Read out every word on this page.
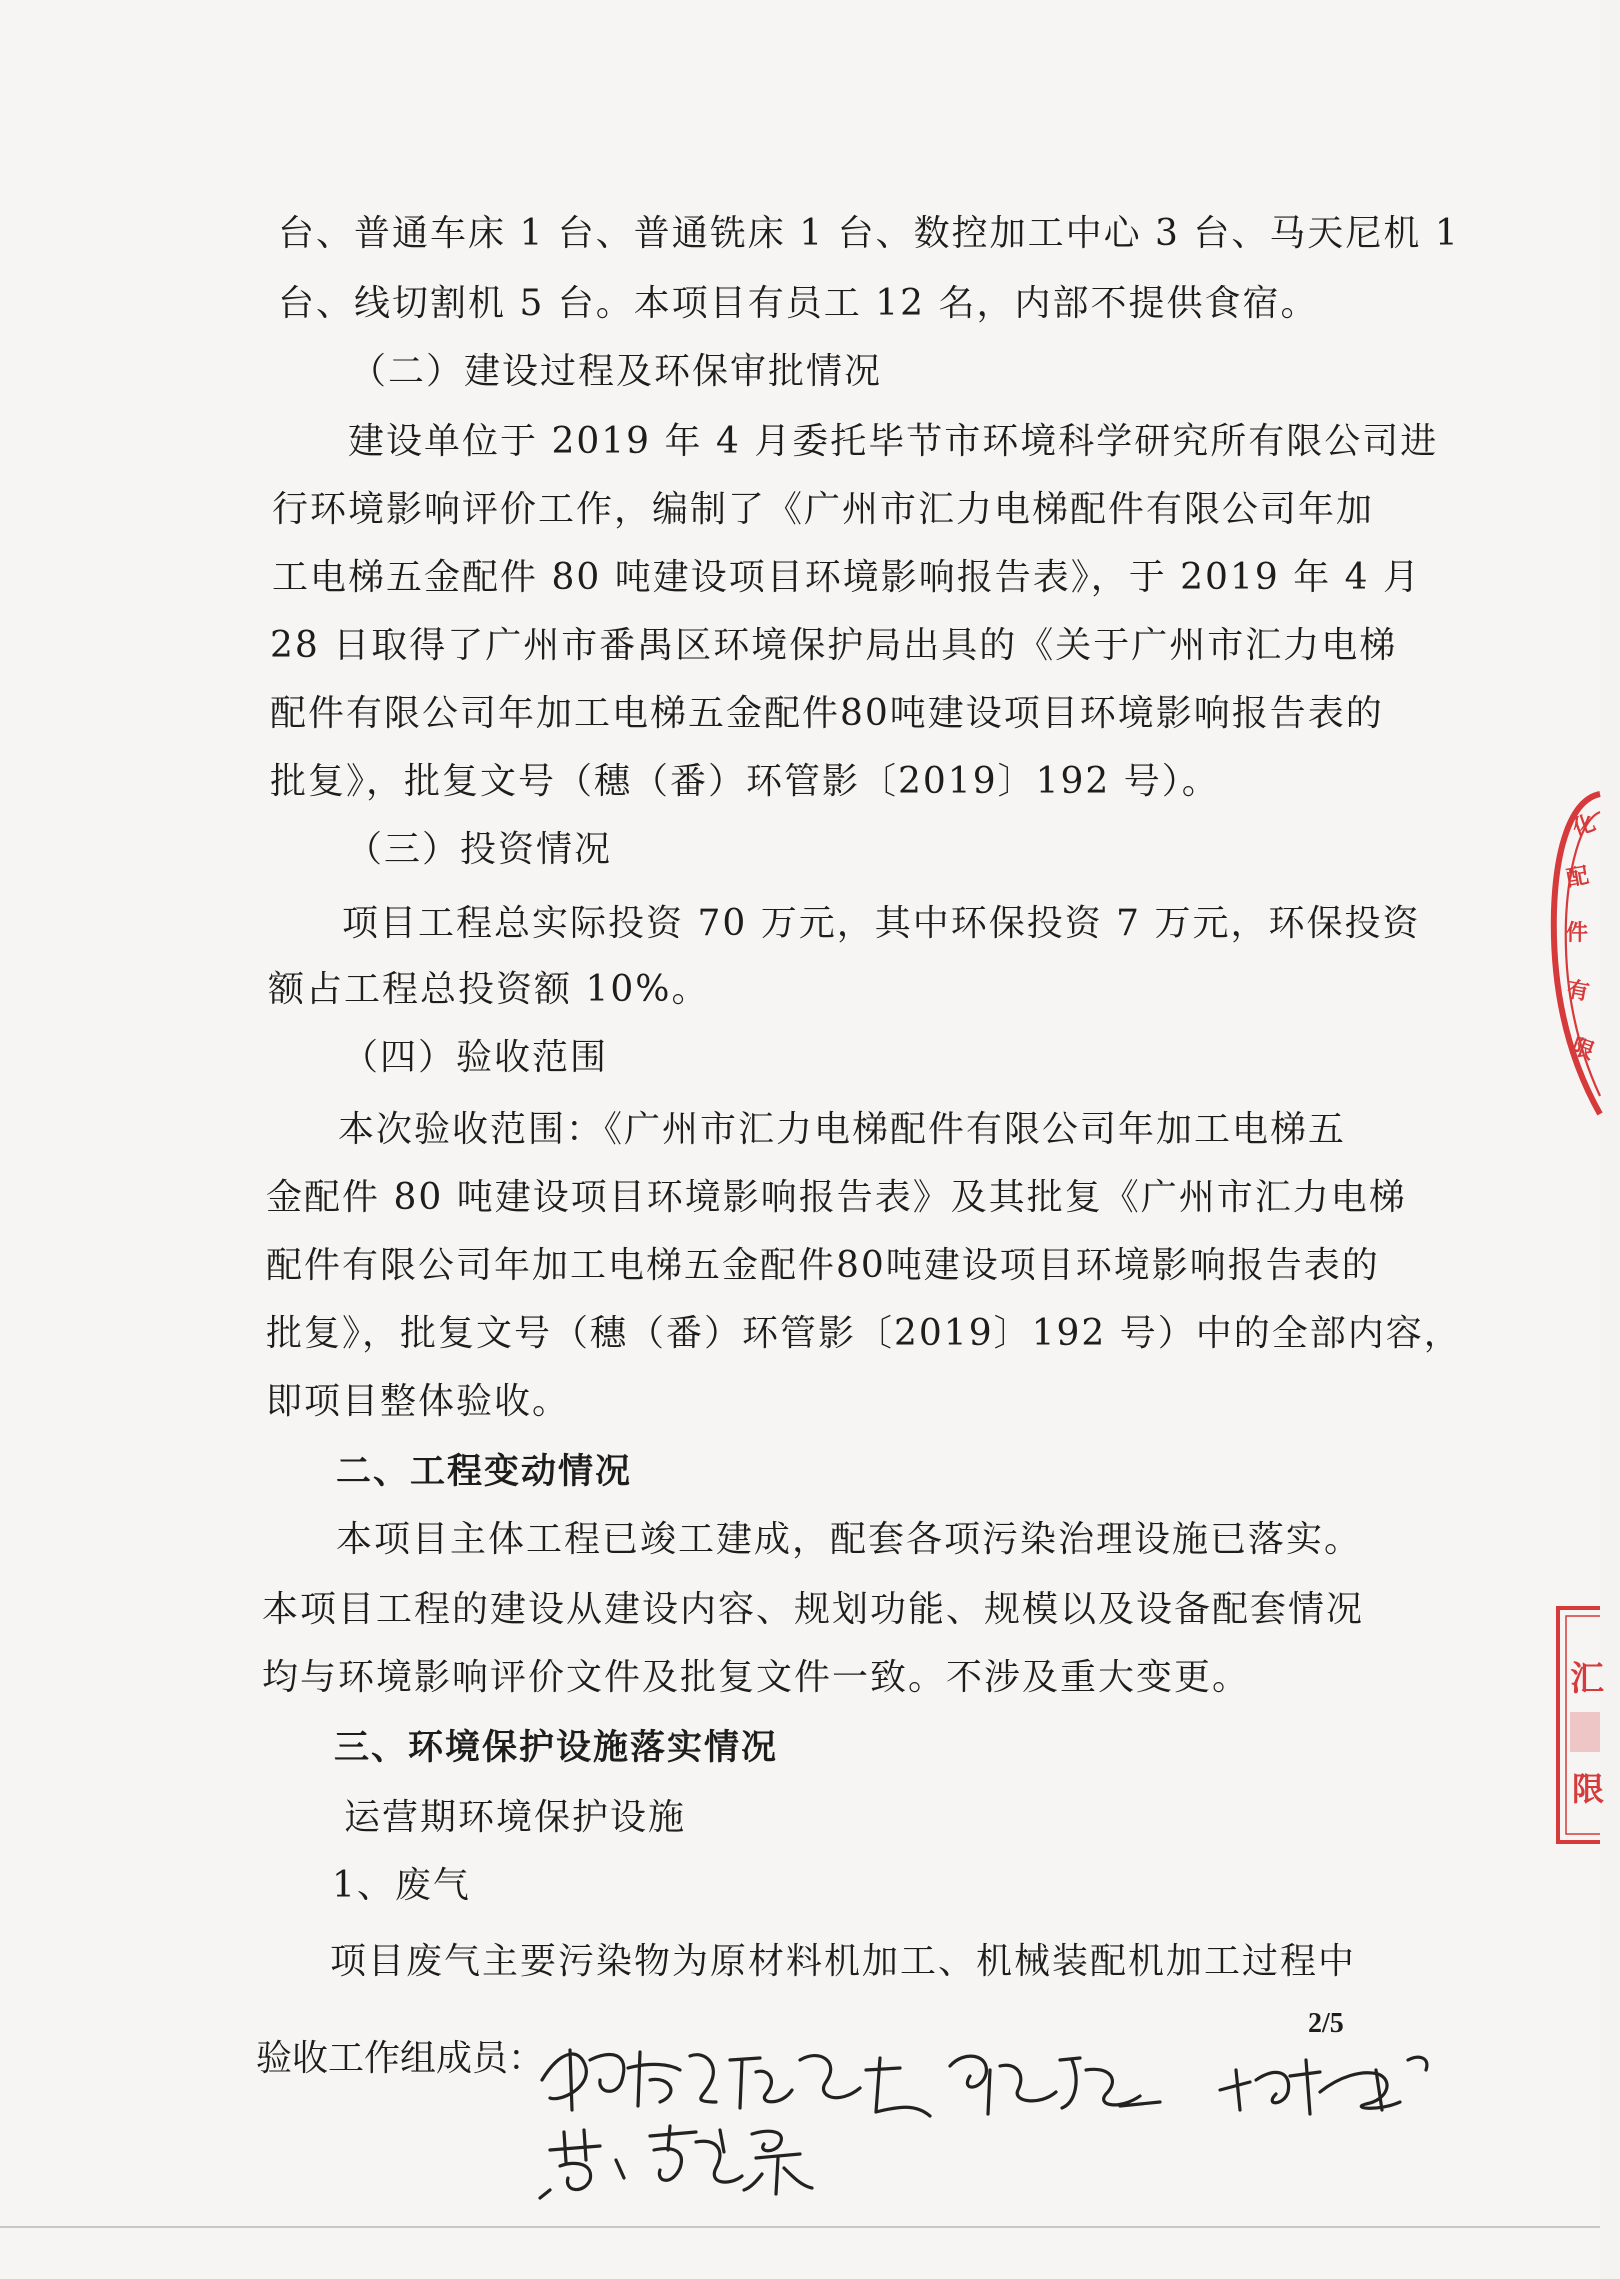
台、普通车床 1 台、普通铣床 1 台、数控加工中心 3 台、马天尼机 1
台、线切割机 5 台。本项目有员工 12 名，内部不提供食宿。
（二）建设过程及环保审批情况
建设单位于 2019 年 4 月委托毕节市环境科学研究所有限公司进
行环境影响评价工作，编制了《广州市汇力电梯配件有限公司年加
工电梯五金配件 80 吨建设项目环境影响报告表》，于 2019 年 4 月
28 日取得了广州市番禺区环境保护局出具的《关于广州市汇力电梯
配件有限公司年加工电梯五金配件80吨建设项目环境影响报告表的
批复》，批复文号（穗（番）环管影〔2019〕192 号）。
（三）投资情况
项目工程总实际投资 70 万元，其中环保投资 7 万元，环保投资
额占工程总投资额 10%。
（四）验收范围
本次验收范围：《广州市汇力电梯配件有限公司年加工电梯五
金配件 80 吨建设项目环境影响报告表》及其批复《广州市汇力电梯
配件有限公司年加工电梯五金配件80吨建设项目环境影响报告表的
批复》，批复文号（穗（番）环管影〔2019〕192 号）中的全部内容，
即项目整体验收。
二、工程变动情况
本项目主体工程已竣工建成，配套各项污染治理设施已落实。
本项目工程的建设从建设内容、规划功能、规模以及设备配套情况
均与环境影响评价文件及批复文件一致。不涉及重大变更。
三、环境保护设施落实情况
运营期环境保护设施
1、废气
项目废气主要污染物为原材料机加工、机械装配机加工过程中
2/5
验收工作组成员：
化
配
件
有
限
汇
限
